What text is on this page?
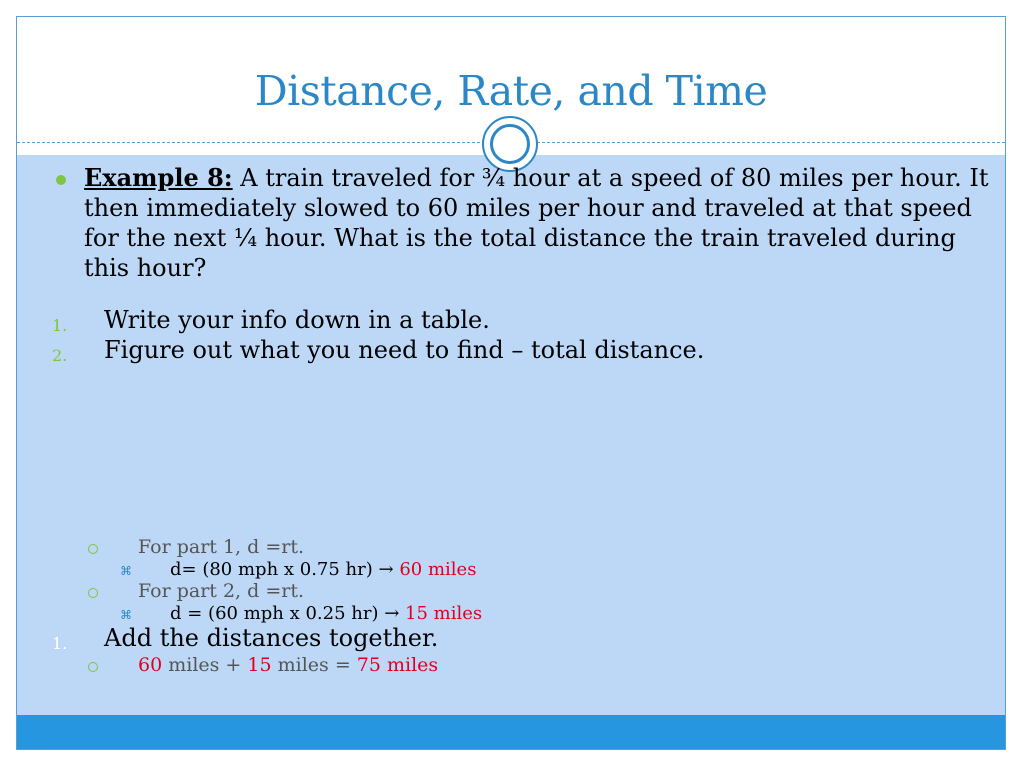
Distance, Rate, and Time
Example 8: A train traveled for ¾ hour at a speed of 80 miles per hour. It then immediately slowed to 60 miles per hour and traveled at that speed for the next ¼ hour. What is the total distance the train traveled during this hour?
1. Write your info down in a table.
2. Figure out what you need to find – total distance.
For part 1, d =rt.
⌘ d= (80 mph x 0.75 hr) → 60 miles
For part 2, d =rt.
⌘ d = (60 mph x 0.25 hr) → 15 miles
1. Add the distances together.
60 miles + 15 miles = 75 miles
